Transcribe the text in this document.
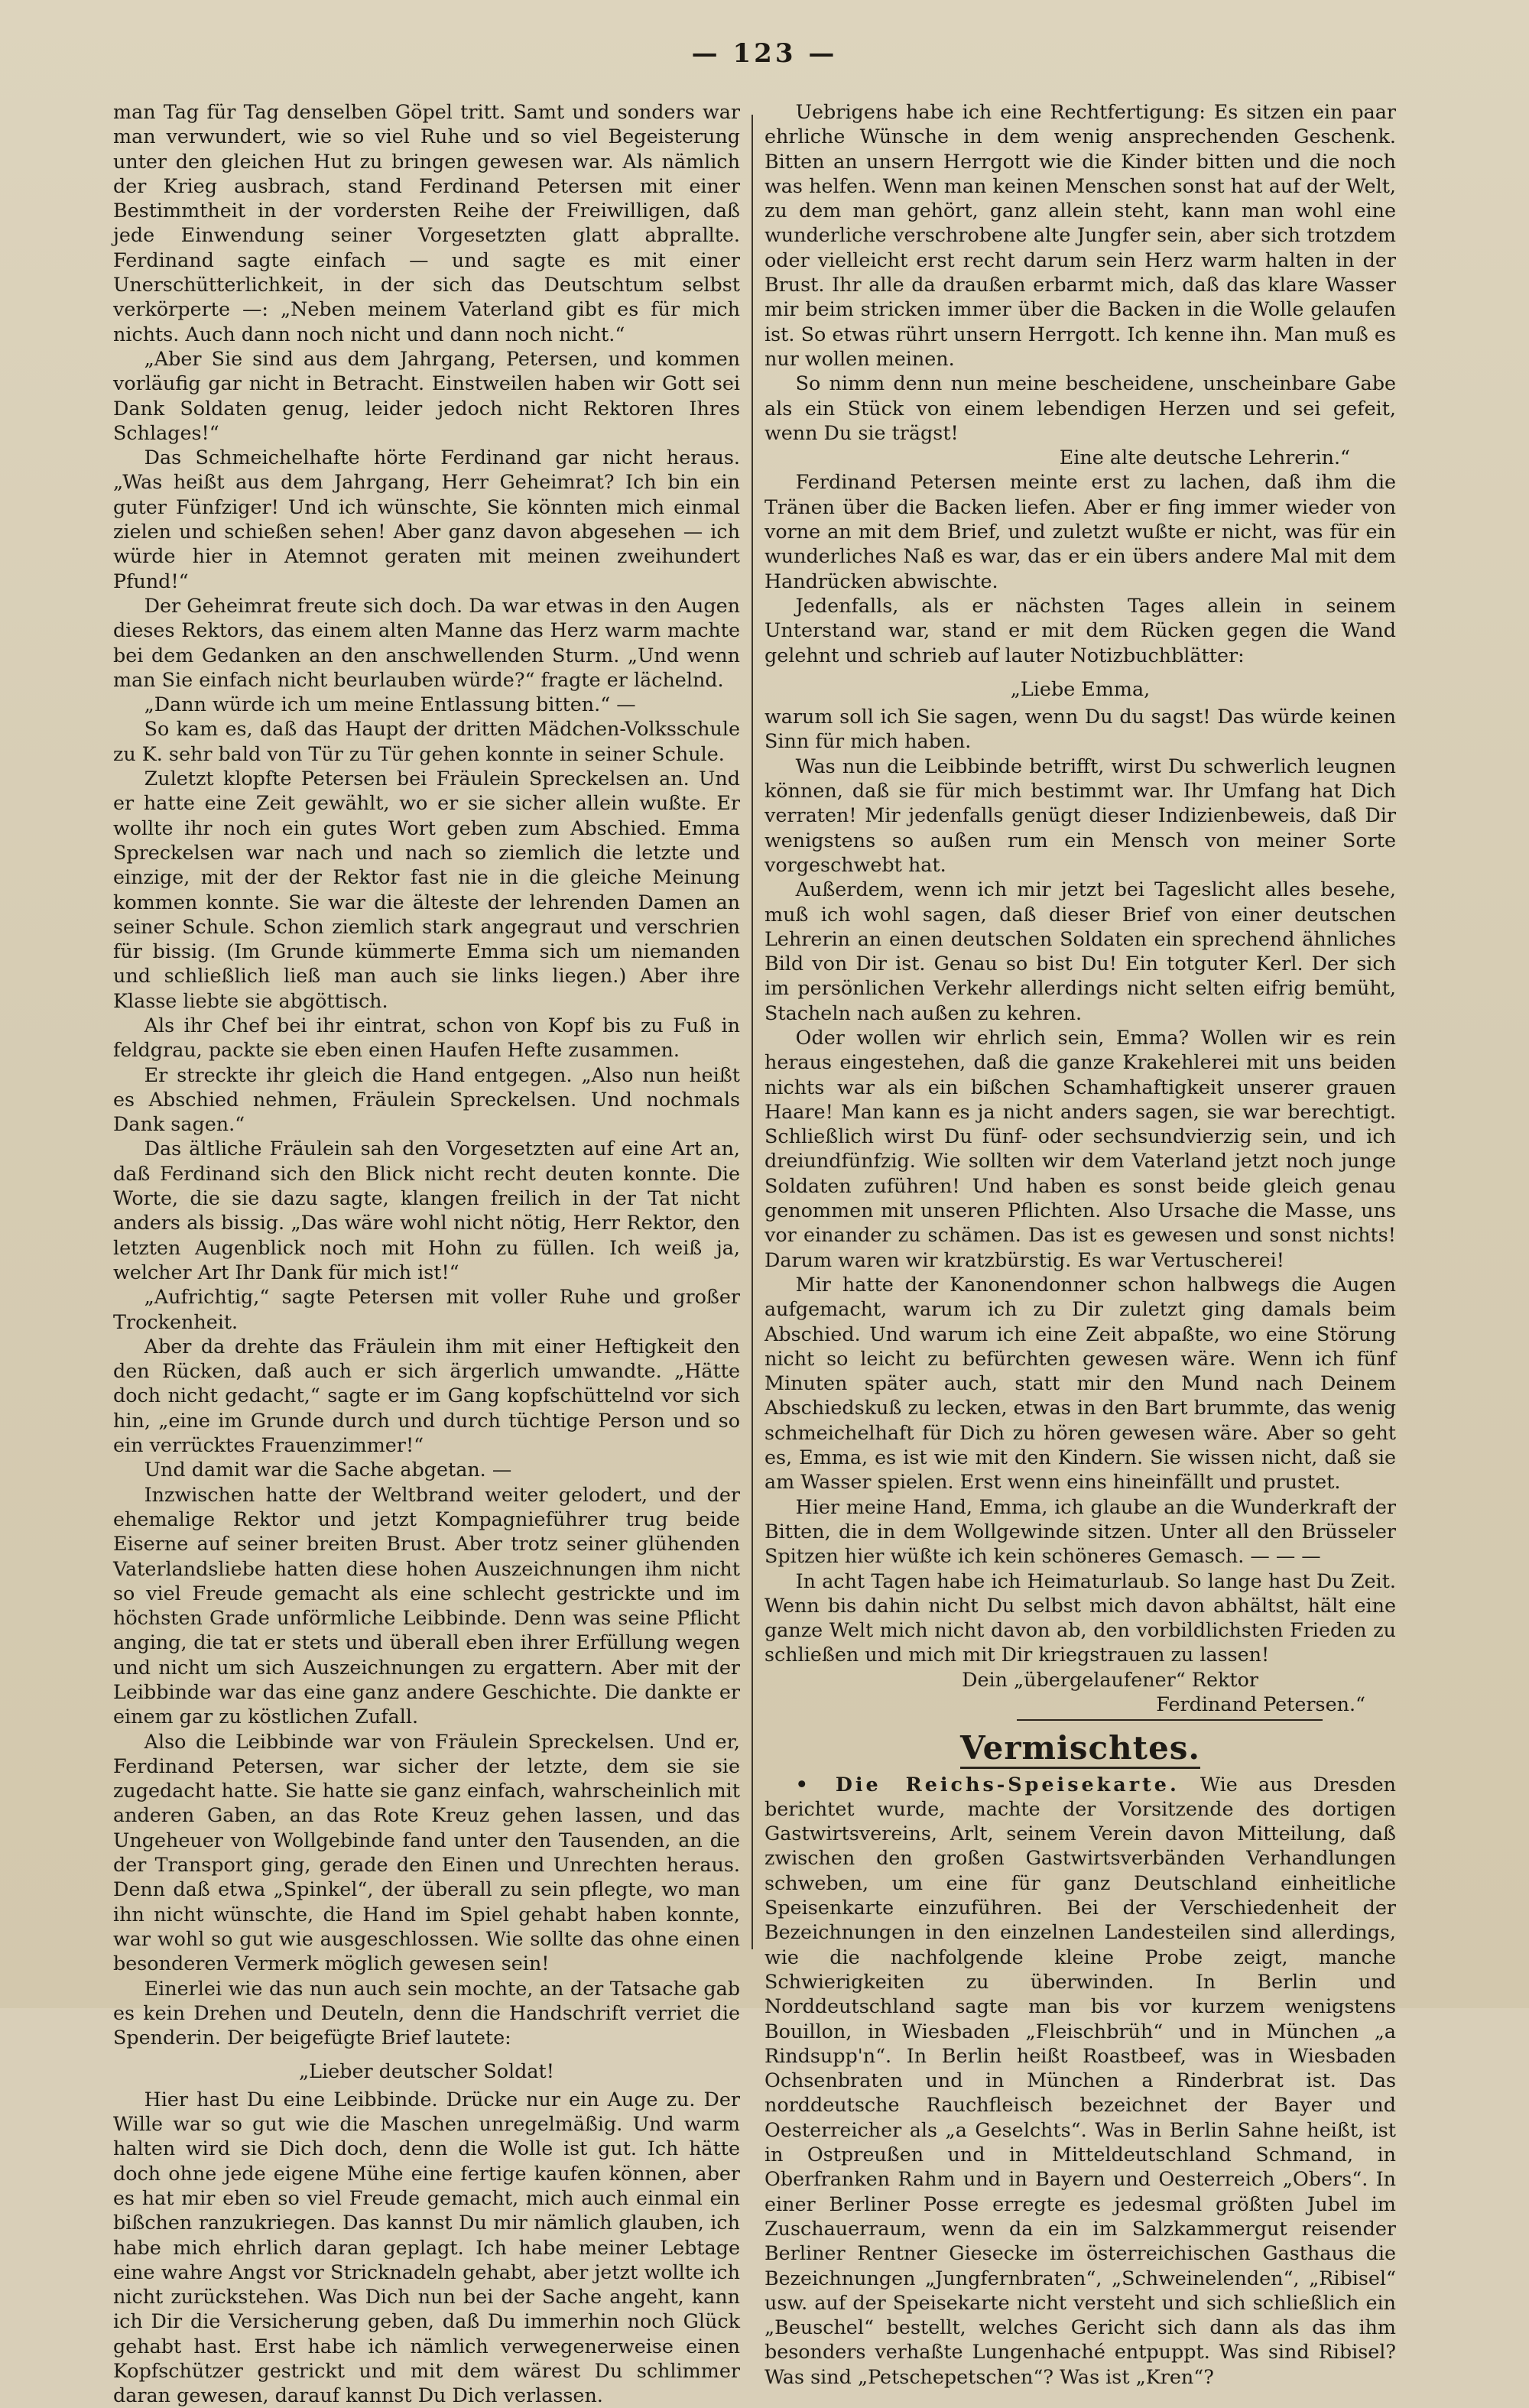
— 123 —

man Tag für Tag denselben Göpel tritt. Samt und sonders war man verwundert, wie so viel Ruhe und so viel Begeisterung unter den gleichen Hut zu bringen gewesen war. Als nämlich der Krieg ausbrach, stand Ferdinand Petersen mit einer Bestimmtheit in der vordersten Reihe der Freiwilligen, daß jede Einwendung seiner Vorgesetzten glatt abprallte. Ferdinand sagte einfach — und sagte es mit einer Unerschütterlichkeit, in der sich das Deutschtum selbst verkörperte —: „Neben meinem Vaterland gibt es für mich nichts. Auch dann noch nicht und dann noch nicht.“

„Aber Sie sind aus dem Jahrgang, Petersen, und kommen vorläufig gar nicht in Betracht. Einstweilen haben wir Gott sei Dank Soldaten genug, leider jedoch nicht Rektoren Ihres Schlages!“

Das Schmeichelhafte hörte Ferdinand gar nicht heraus. „Was heißt aus dem Jahrgang, Herr Geheimrat? Ich bin ein guter Fünfziger! Und ich wünschte, Sie könnten mich einmal zielen und schießen sehen! Aber ganz davon abgesehen — ich würde hier in Atemnot geraten mit meinen zweihundert Pfund!“

Der Geheimrat freute sich doch. Da war etwas in den Augen dieses Rektors, das einem alten Manne das Herz warm machte bei dem Gedanken an den anschwellenden Sturm. „Und wenn man Sie einfach nicht beurlauben würde?“ fragte er lächelnd.

„Dann würde ich um meine Entlassung bitten.“ —

So kam es, daß das Haupt der dritten Mädchen-Volksschule zu K. sehr bald von Tür zu Tür gehen konnte in seiner Schule.

Zuletzt klopfte Petersen bei Fräulein Spreckelsen an. Und er hatte eine Zeit gewählt, wo er sie sicher allein wußte. Er wollte ihr noch ein gutes Wort geben zum Abschied. Emma Spreckelsen war nach und nach so ziemlich die letzte und einzige, mit der der Rektor fast nie in die gleiche Meinung kommen konnte. Sie war die älteste der lehrenden Damen an seiner Schule. Schon ziemlich stark angegraut und verschrien für bissig. (Im Grunde kümmerte Emma sich um niemanden und schließlich ließ man auch sie links liegen.) Aber ihre Klasse liebte sie abgöttisch.

Als ihr Chef bei ihr eintrat, schon von Kopf bis zu Fuß in feldgrau, packte sie eben einen Haufen Hefte zusammen.

Er streckte ihr gleich die Hand entgegen. „Also nun heißt es Abschied nehmen, Fräulein Spreckelsen. Und nochmals Dank sagen.“

Das ältliche Fräulein sah den Vorgesetzten auf eine Art an, daß Ferdinand sich den Blick nicht recht deuten konnte. Die Worte, die sie dazu sagte, klangen freilich in der Tat nicht anders als bissig. „Das wäre wohl nicht nötig, Herr Rektor, den letzten Augenblick noch mit Hohn zu füllen. Ich weiß ja, welcher Art Ihr Dank für mich ist!“

„Aufrichtig,“ sagte Petersen mit voller Ruhe und großer Trockenheit.

Aber da drehte das Fräulein ihm mit einer Heftigkeit den den Rücken, daß auch er sich ärgerlich umwandte. „Hätte doch nicht gedacht,“ sagte er im Gang kopfschüttelnd vor sich hin, „eine im Grunde durch und durch tüchtige Person und so ein verrücktes Frauenzimmer!“

Und damit war die Sache abgetan. —

Inzwischen hatte der Weltbrand weiter gelodert, und der ehemalige Rektor und jetzt Kompagnieführer trug beide Eiserne auf seiner breiten Brust. Aber trotz seiner glühenden Vaterlandsliebe hatten diese hohen Auszeichnungen ihm nicht so viel Freude gemacht als eine schlecht gestrickte und im höchsten Grade unförmliche Leibbinde. Denn was seine Pflicht anging, die tat er stets und überall eben ihrer Erfüllung wegen und nicht um sich Auszeichnungen zu ergattern. Aber mit der Leibbinde war das eine ganz andere Geschichte. Die dankte er einem gar zu köstlichen Zufall.

Also die Leibbinde war von Fräulein Spreckelsen. Und er, Ferdinand Petersen, war sicher der letzte, dem sie sie zugedacht hatte. Sie hatte sie ganz einfach, wahrscheinlich mit anderen Gaben, an das Rote Kreuz gehen lassen, und das Ungeheuer von Wollgebinde fand unter den Tausenden, an die der Transport ging, gerade den Einen und Unrechten heraus. Denn daß etwa „Spinkel“, der überall zu sein pflegte, wo man ihn nicht wünschte, die Hand im Spiel gehabt haben konnte, war wohl so gut wie ausgeschlossen. Wie sollte das ohne einen besonderen Vermerk möglich gewesen sein!

Einerlei wie das nun auch sein mochte, an der Tatsache gab es kein Drehen und Deuteln, denn die Handschrift verriet die Spenderin. Der beigefügte Brief lautete:

„Lieber deutscher Soldat!

Hier hast Du eine Leibbinde. Drücke nur ein Auge zu. Der Wille war so gut wie die Maschen unregelmäßig. Und warm halten wird sie Dich doch, denn die Wolle ist gut. Ich hätte doch ohne jede eigene Mühe eine fertige kaufen können, aber es hat mir eben so viel Freude gemacht, mich auch einmal ein bißchen ranzukriegen. Das kannst Du mir nämlich glauben, ich habe mich ehrlich daran geplagt. Ich habe meiner Lebtage eine wahre Angst vor Stricknadeln gehabt, aber jetzt wollte ich nicht zurückstehen. Was Dich nun bei der Sache angeht, kann ich Dir die Versicherung geben, daß Du immerhin noch Glück gehabt hast. Erst habe ich nämlich verwegenerweise einen Kopfschützer gestrickt und mit dem wärest Du schlimmer daran gewesen, darauf kannst Du Dich verlassen.

Uebrigens habe ich eine Rechtfertigung: Es sitzen ein paar ehrliche Wünsche in dem wenig ansprechenden Geschenk. Bitten an unsern Herrgott wie die Kinder bitten und die noch was helfen. Wenn man keinen Menschen sonst hat auf der Welt, zu dem man gehört, ganz allein steht, kann man wohl eine wunderliche verschrobene alte Jungfer sein, aber sich trotzdem oder vielleicht erst recht darum sein Herz warm halten in der Brust. Ihr alle da draußen erbarmt mich, daß das klare Wasser mir beim stricken immer über die Backen in die Wolle gelaufen ist. So etwas rührt unsern Herrgott. Ich kenne ihn. Man muß es nur wollen meinen.

So nimm denn nun meine bescheidene, unscheinbare Gabe als ein Stück von einem lebendigen Herzen und sei gefeit, wenn Du sie trägst!

Eine alte deutsche Lehrerin.“

Ferdinand Petersen meinte erst zu lachen, daß ihm die Tränen über die Backen liefen. Aber er fing immer wieder von vorne an mit dem Brief, und zuletzt wußte er nicht, was für ein wunderliches Naß es war, das er ein übers andere Mal mit dem Handrücken abwischte.

Jedenfalls, als er nächsten Tages allein in seinem Unterstand war, stand er mit dem Rücken gegen die Wand gelehnt und schrieb auf lauter Notizbuchblätter:

„Liebe Emma,

warum soll ich Sie sagen, wenn Du du sagst! Das würde keinen Sinn für mich haben.

Was nun die Leibbinde betrifft, wirst Du schwerlich leugnen können, daß sie für mich bestimmt war. Ihr Umfang hat Dich verraten! Mir jedenfalls genügt dieser Indizienbeweis, daß Dir wenigstens so außen rum ein Mensch von meiner Sorte vorgeschwebt hat.

Außerdem, wenn ich mir jetzt bei Tageslicht alles besehe, muß ich wohl sagen, daß dieser Brief von einer deutschen Lehrerin an einen deutschen Soldaten ein sprechend ähnliches Bild von Dir ist. Genau so bist Du! Ein totguter Kerl. Der sich im persönlichen Verkehr allerdings nicht selten eifrig bemüht, Stacheln nach außen zu kehren.

Oder wollen wir ehrlich sein, Emma? Wollen wir es rein heraus eingestehen, daß die ganze Krakehlerei mit uns beiden nichts war als ein bißchen Schamhaftigkeit unserer grauen Haare! Man kann es ja nicht anders sagen, sie war berechtigt. Schließlich wirst Du fünf- oder sechsundvierzig sein, und ich dreiundfünfzig. Wie sollten wir dem Vaterland jetzt noch junge Soldaten zuführen! Und haben es sonst beide gleich genau genommen mit unseren Pflichten. Also Ursache die Masse, uns vor einander zu schämen. Das ist es gewesen und sonst nichts! Darum waren wir kratzbürstig. Es war Vertuscherei!

Mir hatte der Kanonendonner schon halbwegs die Augen aufgemacht, warum ich zu Dir zuletzt ging damals beim Abschied. Und warum ich eine Zeit abpaßte, wo eine Störung nicht so leicht zu befürchten gewesen wäre. Wenn ich fünf Minuten später auch, statt mir den Mund nach Deinem Abschiedskuß zu lecken, etwas in den Bart brummte, das wenig schmeichelhaft für Dich zu hören gewesen wäre. Aber so geht es, Emma, es ist wie mit den Kindern. Sie wissen nicht, daß sie am Wasser spielen. Erst wenn eins hineinfällt und prustet.

Hier meine Hand, Emma, ich glaube an die Wunderkraft der Bitten, die in dem Wollgewinde sitzen. Unter all den Brüsseler Spitzen hier wüßte ich kein schöneres Gemasch. — — —

In acht Tagen habe ich Heimaturlaub. So lange hast Du Zeit. Wenn bis dahin nicht Du selbst mich davon abhältst, hält eine ganze Welt mich nicht davon ab, den vorbildlichsten Frieden zu schließen und mich mit Dir kriegstrauen zu lassen!

Dein „übergelaufener“ Rektor

Ferdinand Petersen.“

Vermischtes.

• Die Reichs-Speisekarte. Wie aus Dresden berichtet wurde, machte der Vorsitzende des dortigen Gastwirtsvereins, Arlt, seinem Verein davon Mitteilung, daß zwischen den großen Gastwirtsverbänden Verhandlungen schweben, um eine für ganz Deutschland einheitliche Speisenkarte einzuführen. Bei der Verschiedenheit der Bezeichnungen in den einzelnen Landesteilen sind allerdings, wie die nachfolgende kleine Probe zeigt, manche Schwierigkeiten zu überwinden. In Berlin und Norddeutschland sagte man bis vor kurzem wenigstens Bouillon, in Wiesbaden „Fleischbrüh“ und in München „a Rindsupp'n“. In Berlin heißt Roastbeef, was in Wiesbaden Ochsenbraten und in München a Rinderbrat ist. Das norddeutsche Rauchfleisch bezeichnet der Bayer und Oesterreicher als „a Geselchts“. Was in Berlin Sahne heißt, ist in Ostpreußen und in Mitteldeutschland Schmand, in Oberfranken Rahm und in Bayern und Oesterreich „Obers“. In einer Berliner Posse erregte es jedesmal größten Jubel im Zuschauerraum, wenn da ein im Salzkammergut reisender Berliner Rentner Giesecke im österreichischen Gasthaus die Bezeichnungen „Jungfernbraten“, „Schweinelenden“, „Ribisel“ usw. auf der Speisekarte nicht versteht und sich schließlich ein „Beuschel“ bestellt, welches Gericht sich dann als das ihm besonders verhaßte Lungenhaché entpuppt. Was sind Ribisel? Was sind „Petschepetschen“? Was ist „Kren“?
